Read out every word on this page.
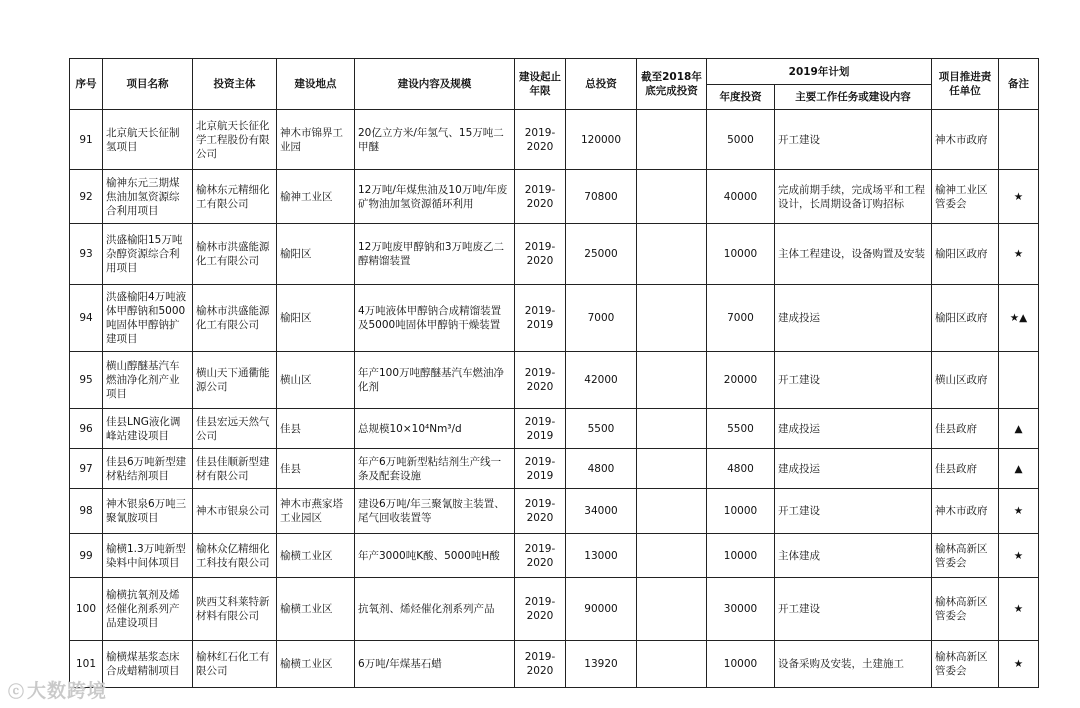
序号	项目名称	投资主体	建设地点	建设内容及规模	建设起止年限	总投资	截至2018年底完成投资	2019年计划		项目推进责任单位	备注
								年度投资	主要工作任务或建设内容		
91	北京航天长征制氢项目	北京航天长征化学工程股份有限公司	神木市锦界工业园	20亿立方米/年氢气、15万吨二甲醚	2019-2020	120000		5000	开工建设	神木市政府	
92	榆神东元三期煤焦油加氢资源综合利用项目	榆林东元精细化工有限公司	榆神工业区	12万吨/年煤焦油及10万吨/年废矿物油加氢资源循环利用	2019-2020	70800		40000	完成前期手续，完成场平和工程设计，长周期设备订购招标	榆神工业区管委会	★
93	洪盛榆阳15万吨杂醇资源综合利用项目	榆林市洪盛能源化工有限公司	榆阳区	12万吨废甲醇钠和3万吨废乙二醇精馏装置	2019-2020	25000		10000	主体工程建设，设备购置及安装	榆阳区政府	★
94	洪盛榆阳4万吨液体甲醇钠和5000吨固体甲醇钠扩建项目	榆林市洪盛能源化工有限公司	榆阳区	4万吨液体甲醇钠合成精馏装置及5000吨固体甲醇钠干燥装置	2019-2019	7000		7000	建成投运	榆阳区政府	★▲
95	横山醇醚基汽车燃油净化剂产业项目	横山天下通衢能源公司	横山区	年产100万吨醇醚基汽车燃油净化剂	2019-2020	42000		20000	开工建设	横山区政府	
96	佳县LNG液化调峰站建设项目	佳县宏远天然气公司	佳县	总规模10×10⁴Nm³/d	2019-2019	5500		5500	建成投运	佳县政府	▲
97	佳县6万吨新型建材粘结剂项目	佳县佳顺新型建材有限公司	佳县	年产6万吨新型粘结剂生产线一条及配套设施	2019-2019	4800		4800	建成投运	佳县政府	▲
98	神木银泉6万吨三聚氰胺项目	神木市银泉公司	神木市燕家塔工业园区	建设6万吨/年三聚氰胺主装置、尾气回收装置等	2019-2020	34000		10000	开工建设	神木市政府	★
99	榆横1.3万吨新型染料中间体项目	榆林众亿精细化工科技有限公司	榆横工业区	年产3000吨K酸、5000吨H酸	2019-2020	13000		10000	主体建成	榆林高新区管委会	★
100	榆横抗氧剂及烯烃催化剂系列产品建设项目	陕西艾科莱特新材料有限公司	榆横工业区	抗氧剂、烯烃催化剂系列产品	2019-2020	90000		30000	开工建设	榆林高新区管委会	★
101	榆横煤基浆态床合成蜡精制项目	榆林红石化工有限公司	榆横工业区	6万吨/年煤基石蜡	2019-2020	13920		10000	设备采购及安装，土建施工	榆林高新区管委会	★
ⓒ 大数跨境
